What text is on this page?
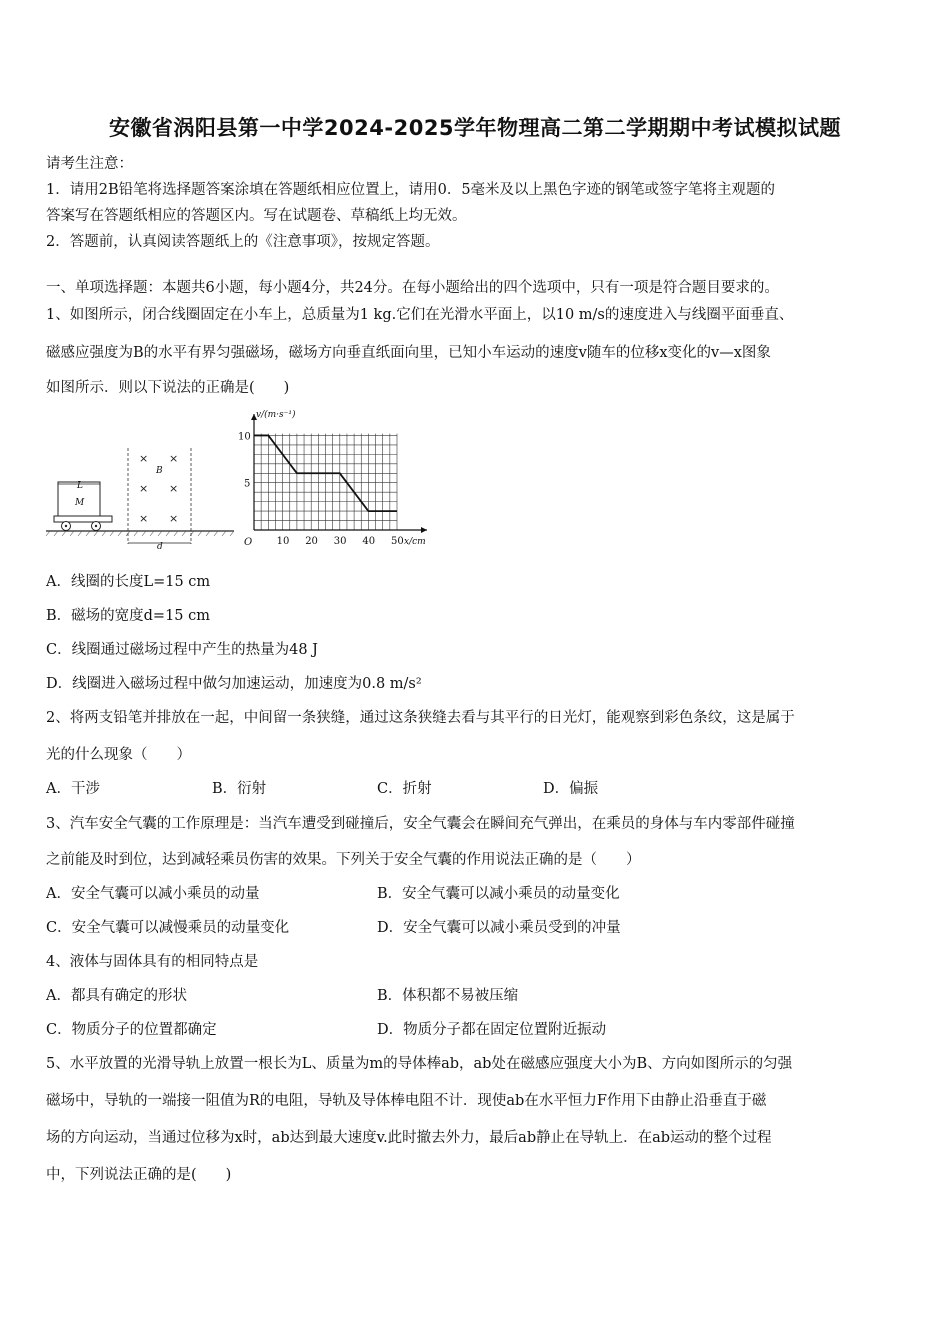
安徽省涡阳县第一中学2024-2025学年物理高二第二学期期中考试模拟试题
请考生注意：
1．请用2B铅笔将选择题答案涂填在答题纸相应位置上，请用0．5毫米及以上黑色字迹的钢笔或签字笔将主观题的
答案写在答题纸相应的答题区内。写在试题卷、草稿纸上均无效。
2．答题前，认真阅读答题纸上的《注意事项》，按规定答题。
一、单项选择题：本题共6小题，每小题4分，共24分。在每小题给出的四个选项中，只有一项是符合题目要求的。
1、如图所示，闭合线圈固定在小车上，总质量为1 kg.它们在光滑水平面上，以10 m/s的速度进入与线圈平面垂直、
磁感应强度为B的水平有界匀强磁场，磁场方向垂直纸面向里，已知小车运动的速度v随车的位移x变化的v—x图象
如图所示．则以下说法的正确是(　　)
L
M
× ×
× ×
× ×
B
d	10 20 30 40 50
5
10
v/(m·s⁻¹)
O	x/cm
A．线圈的长度L=15 cm
B．磁场的宽度d=15 cm
C．线圈通过磁场过程中产生的热量为48 J
D．线圈进入磁场过程中做匀加速运动，加速度为0.8 m/s²
2、将两支铅笔并排放在一起，中间留一条狭缝，通过这条狭缝去看与其平行的日光灯，能观察到彩色条纹，这是属于
光的什么现象（　　）
A．干涉	B．衍射	C．折射	D．偏振
3、汽车安全气囊的工作原理是：当汽车遭受到碰撞后，安全气囊会在瞬间充气弹出，在乘员的身体与车内零部件碰撞
之前能及时到位，达到减轻乘员伤害的效果。下列关于安全气囊的作用说法正确的是（　　）
A．安全气囊可以减小乘员的动量	B．安全气囊可以减小乘员的动量变化
C．安全气囊可以减慢乘员的动量变化	D．安全气囊可以减小乘员受到的冲量
4、液体与固体具有的相同特点是
A．都具有确定的形状	B．体积都不易被压缩
C．物质分子的位置都确定	D．物质分子都在固定位置附近振动
5、水平放置的光滑导轨上放置一根长为L、质量为m的导体棒ab，ab处在磁感应强度大小为B、方向如图所示的匀强
磁场中，导轨的一端接一阻值为R的电阻，导轨及导体棒电阻不计．现使ab在水平恒力F作用下由静止沿垂直于磁
场的方向运动，当通过位移为x时，ab达到最大速度v.此时撤去外力，最后ab静止在导轨上．在ab运动的整个过程
中，下列说法正确的是(　　)
